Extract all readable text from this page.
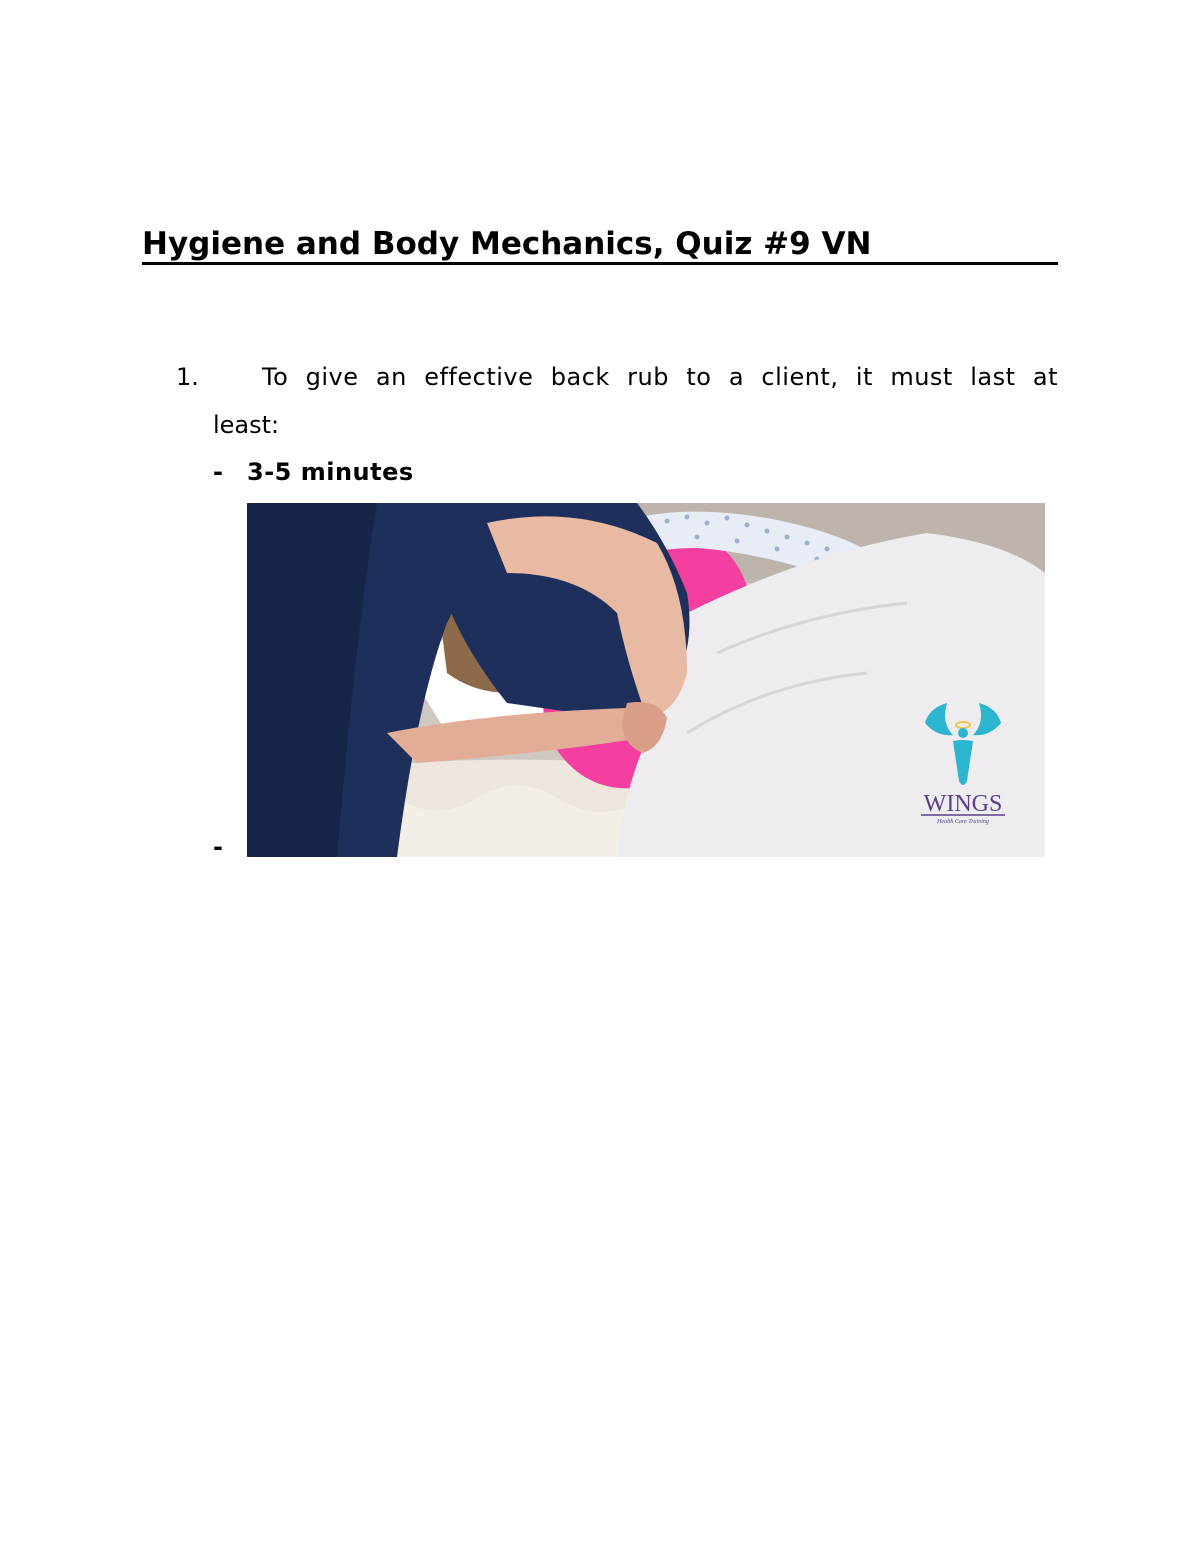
Hygiene and Body Mechanics, Quiz #9 VN
1.	To give an effective back rub to a client, it must last at
least:
- 3-5 minutes
-
WINGS
Health Care Training
